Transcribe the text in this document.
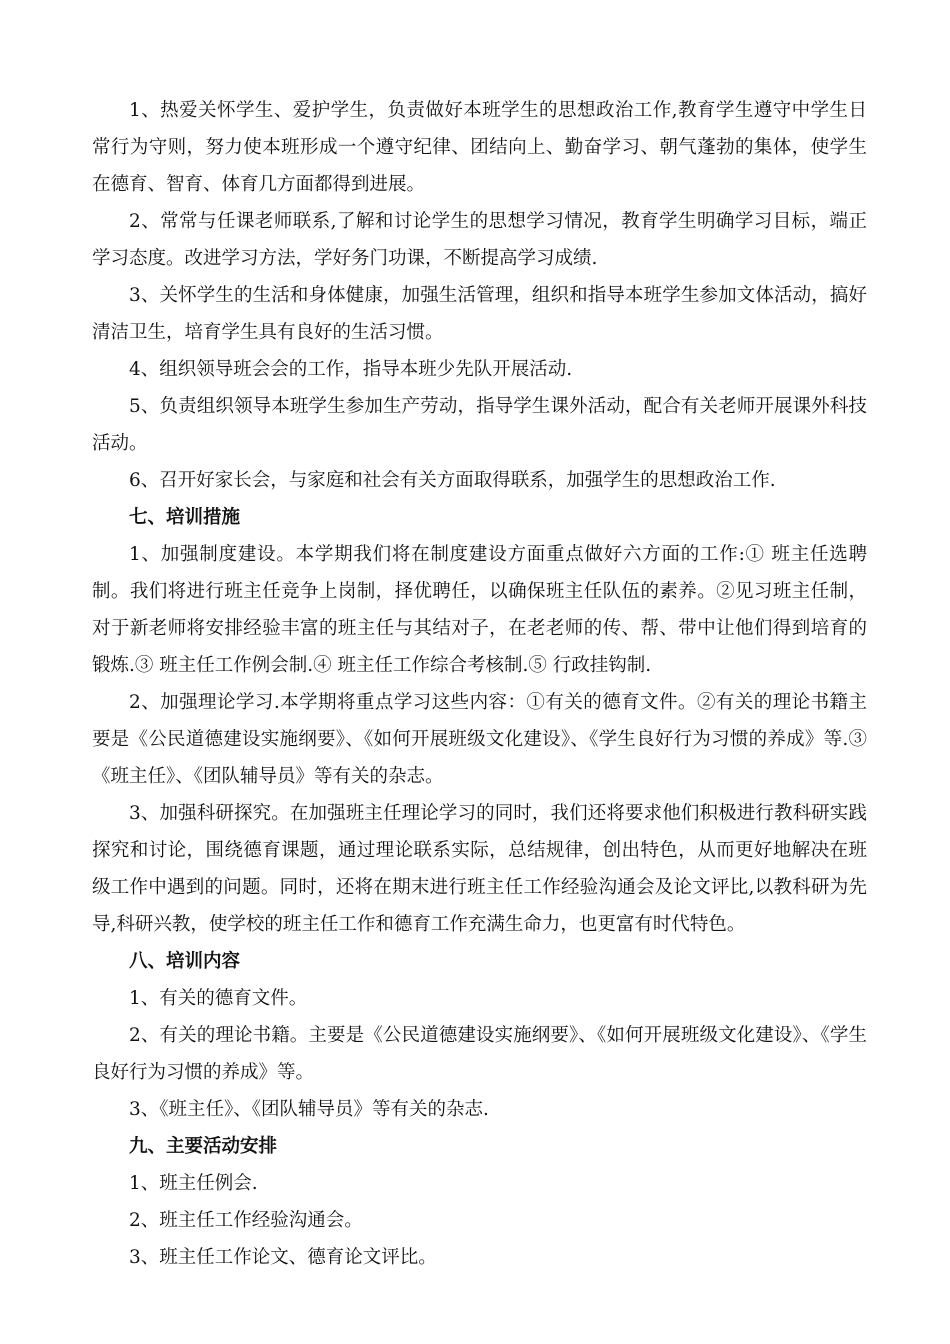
1、热爱关怀学生、爱护学生，负责做好本班学生的思想政治工作,教育学生遵守中学生日常行为守则，努力使本班形成一个遵守纪律、团结向上、勤奋学习、朝气蓬勃的集体，使学生在德育、智育、体育几方面都得到进展。

2、常常与任课老师联系,了解和讨论学生的思想学习情况，教育学生明确学习目标，端正学习态度。改进学习方法，学好务门功课，不断提高学习成绩.

3、关怀学生的生活和身体健康，加强生活管理，组织和指导本班学生参加文体活动，搞好清洁卫生，培育学生具有良好的生活习惯。

4、组织领导班会会的工作，指导本班少先队开展活动.

5、负责组织领导本班学生参加生产劳动，指导学生课外活动，配合有关老师开展课外科技活动。

6、召开好家长会，与家庭和社会有关方面取得联系，加强学生的思想政治工作.

七、培训措施

1、加强制度建设。本学期我们将在制度建设方面重点做好六方面的工作:① 班主任选聘制。我们将进行班主任竞争上岗制，择优聘任，以确保班主任队伍的素养。②见习班主任制，对于新老师将安排经验丰富的班主任与其结对子，在老老师的传、帮、带中让他们得到培育的锻炼.③ 班主任工作例会制.④ 班主任工作综合考核制.⑤ 行政挂钩制.

2、加强理论学习.本学期将重点学习这些内容：①有关的德育文件。②有关的理论书籍主要是《公民道德建设实施纲要》、《如何开展班级文化建设》、《学生良好行为习惯的养成》等.③《班主任》、《团队辅导员》等有关的杂志。

3、加强科研探究。在加强班主任理论学习的同时，我们还将要求他们积极进行教科研实践探究和讨论，围绕德育课题，通过理论联系实际，总结规律，创出特色，从而更好地解决在班级工作中遇到的问题。同时，还将在期末进行班主任工作经验沟通会及论文评比,以教科研为先导,科研兴教，使学校的班主任工作和德育工作充满生命力，也更富有时代特色。

八、培训内容

1、有关的德育文件。

2、有关的理论书籍。主要是《公民道德建设实施纲要》、《如何开展班级文化建设》、《学生良好行为习惯的养成》等。

3、《班主任》、《团队辅导员》等有关的杂志.

九、主要活动安排

1、班主任例会.

2、班主任工作经验沟通会。

3、班主任工作论文、德育论文评比。
